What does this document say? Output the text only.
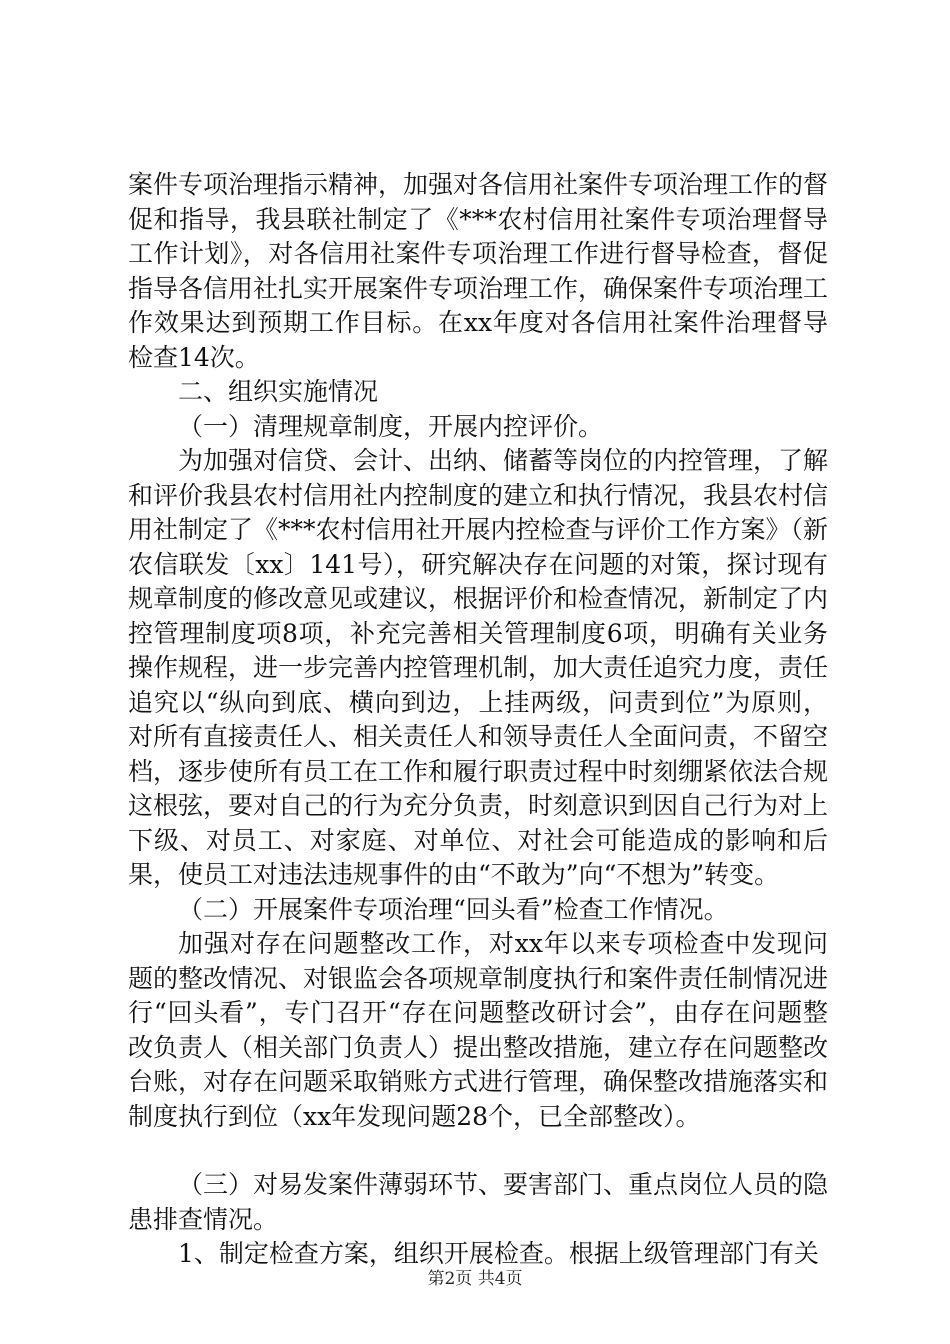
案件专项治理指示精神，加强对各信用社案件专项治理工作的督促和指导，我县联社制定了《***农村信用社案件专项治理督导工作计划》，对各信用社案件专项治理工作进行督导检查，督促指导各信用社扎实开展案件专项治理工作，确保案件专项治理工作效果达到预期工作目标。在xx年度对各信用社案件治理督导检查14次。

二、组织实施情况

（一）清理规章制度，开展内控评价。

为加强对信贷、会计、出纳、储蓄等岗位的内控管理，了解和评价我县农村信用社内控制度的建立和执行情况，我县农村信用社制定了《***农村信用社开展内控检查与评价工作方案》（新农信联发〔xx〕141号），研究解决存在问题的对策，探讨现有规章制度的修改意见或建议，根据评价和检查情况，新制定了内控管理制度项8项，补充完善相关管理制度6项，明确有关业务操作规程，进一步完善内控管理机制，加大责任追究力度，责任追究以“纵向到底、横向到边，上挂两级，问责到位”为原则，对所有直接责任人、相关责任人和领导责任人全面问责，不留空档，逐步使所有员工在工作和履行职责过程中时刻绷紧依法合规这根弦，要对自己的行为充分负责，时刻意识到因自己行为对上下级、对员工、对家庭、对单位、对社会可能造成的影响和后果，使员工对违法违规事件的由“不敢为”向“不想为”转变。

（二）开展案件专项治理“回头看”检查工作情况。

加强对存在问题整改工作，对xx年以来专项检查中发现问题的整改情况、对银监会各项规章制度执行和案件责任制情况进行“回头看”，专门召开“存在问题整改研讨会”，由存在问题整改负责人（相关部门负责人）提出整改措施，建立存在问题整改台账，对存在问题采取销账方式进行管理，确保整改措施落实和制度执行到位（xx年发现问题28个，已全部整改）。

（三）对易发案件薄弱环节、要害部门、重点岗位人员的隐患排查情况。

1、制定检查方案，组织开展检查。根据上级管理部门有关

第2页 共4页
